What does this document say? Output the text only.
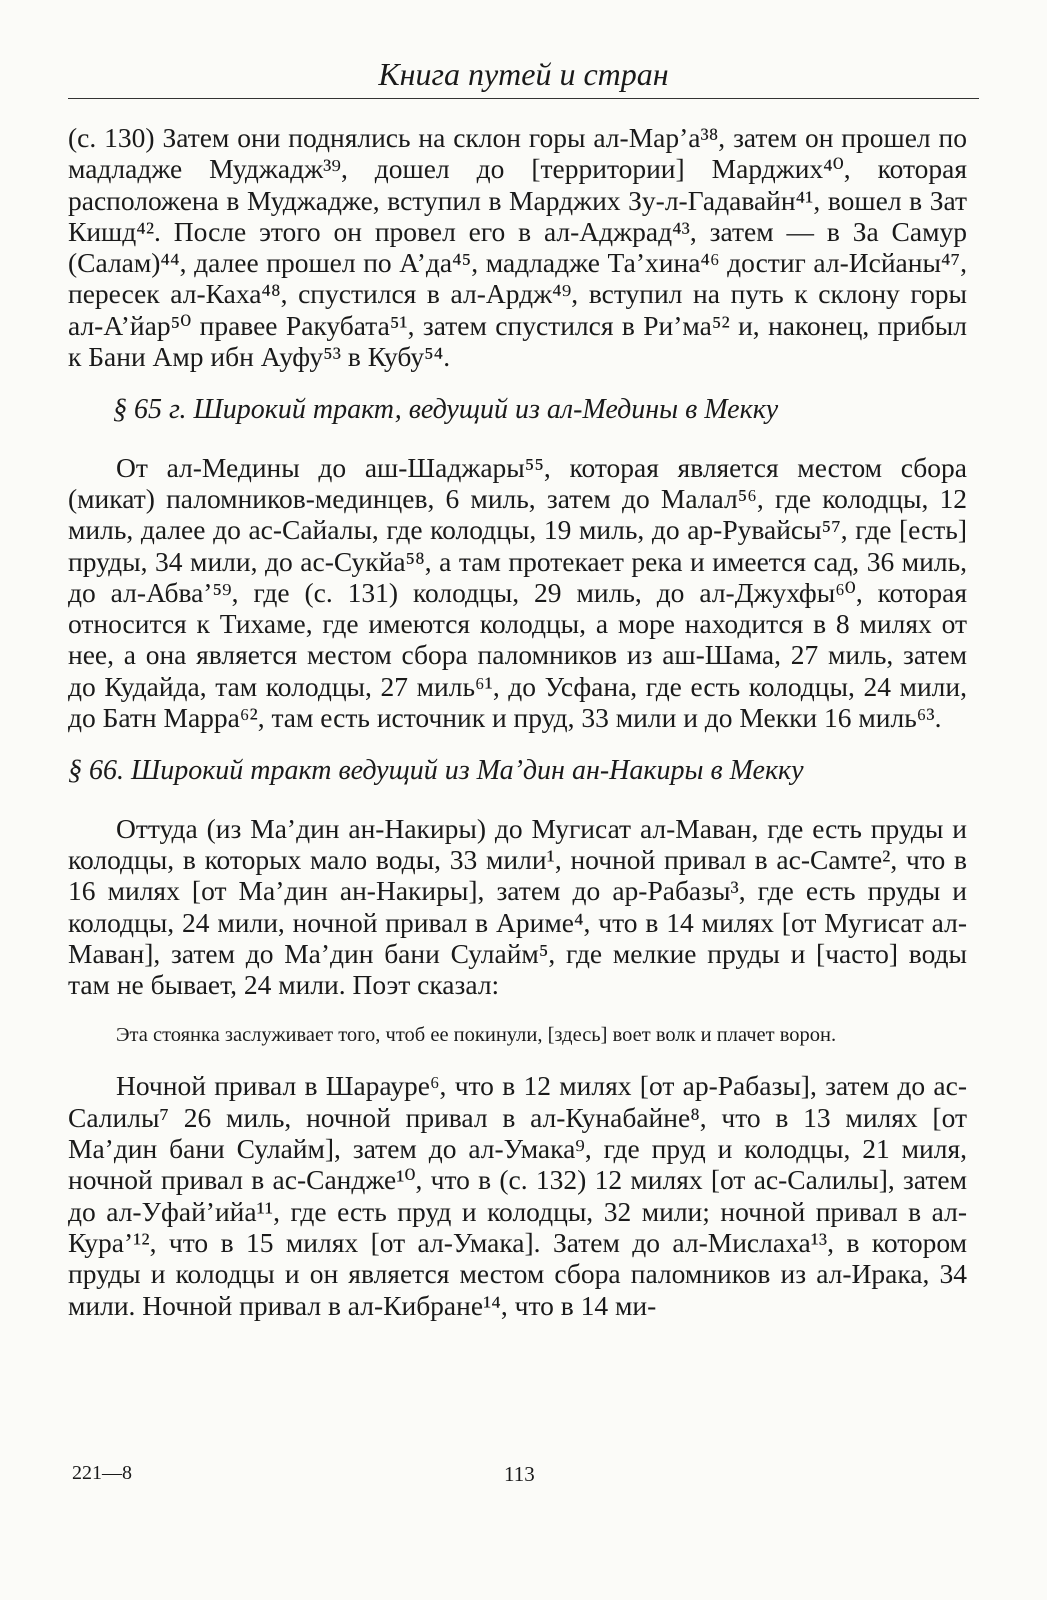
Книга путей и стран

(с. 130) Затем они поднялись на склон горы ал-Мар’а³⁸, затем он прошел по мадладже Муджадж³⁹, дошел до [территории] Марджих⁴⁰, которая расположена в Муджадже, вступил в Марджих Зу-л-Гадавайн⁴¹, вошел в Зат Кишд⁴². После этого он провел его в ал-Аджрад⁴³, затем — в За Самур (Салам)⁴⁴, далее прошел по А’да⁴⁵, мадладже Та’хина⁴⁶ достиг ал-Исйаны⁴⁷, пересек ал-Каха⁴⁸, спустился в ал-Ардж⁴⁹, вступил на путь к склону горы ал-А’йар⁵⁰ правее Ракубата⁵¹, затем спустился в Ри’ма⁵² и, наконец, прибыл к Бани Амр ибн Ауфу⁵³ в Кубу⁵⁴.

§ 65 г. Широкий тракт, ведущий из ал-Медины в Мекку

От ал-Медины до аш-Шаджары⁵⁵, которая является местом сбора (микат) паломников-мединцев, 6 миль, затем до Малал⁵⁶, где колодцы, 12 миль, далее до ас-Сайалы, где колодцы, 19 миль, до ар-Рувайсы⁵⁷, где [есть] пруды, 34 мили, до ас-Сукйа⁵⁸, а там протекает река и имеется сад, 36 миль, до ал-Абва’⁵⁹, где (с. 131) колодцы, 29 миль, до ал-Джухфы⁶⁰, которая относится к Тихаме, где имеются колодцы, а море находится в 8 милях от нее, а она является местом сбора паломников из аш-Шама, 27 миль, затем до Кудайда, там колодцы, 27 миль⁶¹, до Усфана, где есть колодцы, 24 мили, до Батн Марра⁶², там есть источник и пруд, 33 мили и до Мекки 16 миль⁶³.

§ 66. Широкий тракт ведущий из Ма’дин ан-Накиры в Мекку

Оттуда (из Ма’дин ан-Накиры) до Мугисат ал-Маван, где есть пруды и колодцы, в которых мало воды, 33 мили¹, ночной привал в ас-Самте², что в 16 милях [от Ма’дин ан-Накиры], затем до ар-Рабазы³, где есть пруды и колодцы, 24 мили, ночной привал в Ариме⁴, что в 14 милях [от Мугисат ал-Маван], затем до Ма’дин бани Сулайм⁵, где мелкие пруды и [часто] воды там не бывает, 24 мили. Поэт сказал:

Эта стоянка заслуживает того, чтоб ее покинули, [здесь] воет волк и плачет ворон.

Ночной привал в Шарауре⁶, что в 12 милях [от ар-Рабазы], затем до ас-Салилы⁷ 26 миль, ночной привал в ал-Кунабайне⁸, что в 13 милях [от Ма’дин бани Сулайм], затем до ал-Умака⁹, где пруд и колодцы, 21 миля, ночной привал в ас-Сандже¹⁰, что в (с. 132) 12 милях [от ас-Салилы], затем до ал-Уфай’ийа¹¹, где есть пруд и колодцы, 32 мили; ночной привал в ал-Кура’¹², что в 15 милях [от ал-Умака]. Затем до ал-Мислаха¹³, в котором пруды и колодцы и он является местом сбора паломников из ал-Ирака, 34 мили. Ночной привал в ал-Кибране¹⁴, что в 14 ми-

221—8	113
